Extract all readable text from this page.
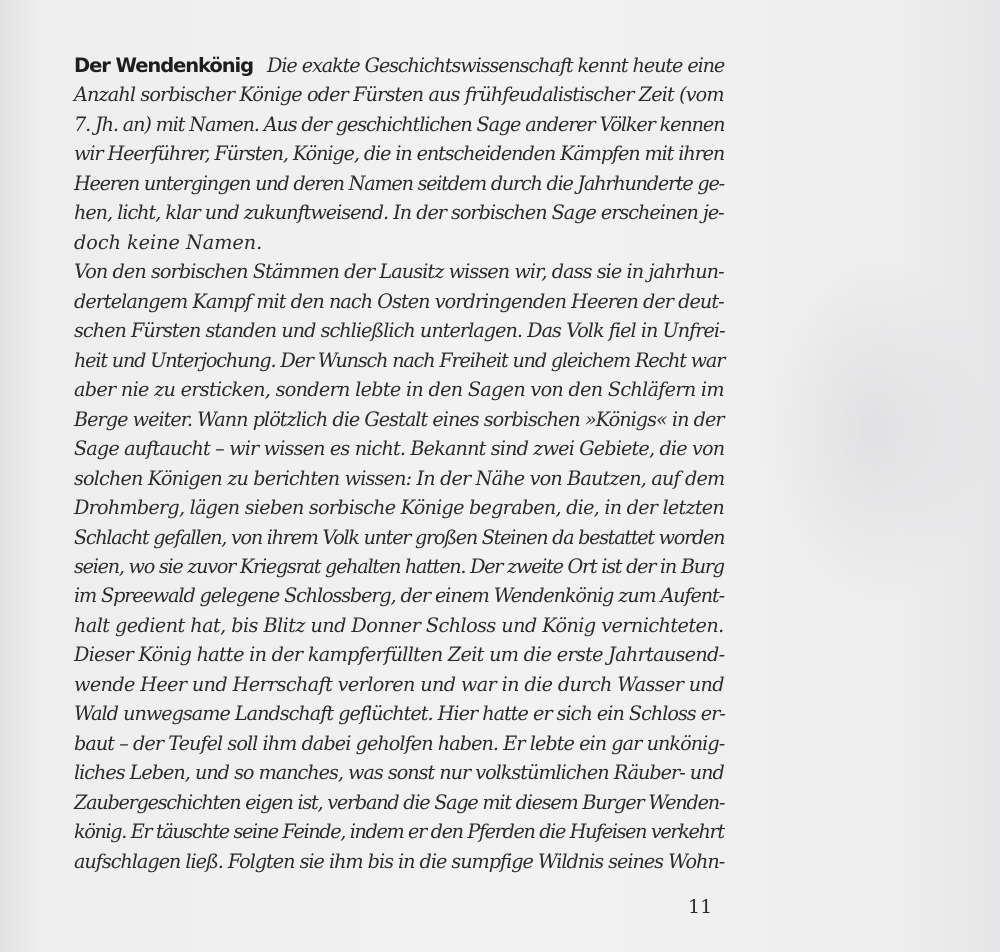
Der Wendenkönig Die exakte Geschichtswissenschaft kennt heute eine
Anzahl sorbischer Könige oder Fürsten aus frühfeudalistischer Zeit (vom
7. Jh. an) mit Namen. Aus der geschichtlichen Sage anderer Völker kennen
wir Heerführer, Fürsten, Könige, die in entscheidenden Kämpfen mit ihren
Heeren untergingen und deren Namen seitdem durch die Jahrhunderte ge-
hen, licht, klar und zukunftweisend. In der sorbischen Sage erscheinen je-
doch keine Namen.
Von den sorbischen Stämmen der Lausitz wissen wir, dass sie in jahrhun-
dertelangem Kampf mit den nach Osten vordringenden Heeren der deut-
schen Fürsten standen und schließlich unterlagen. Das Volk fiel in Unfrei-
heit und Unterjochung. Der Wunsch nach Freiheit und gleichem Recht war
aber nie zu ersticken, sondern lebte in den Sagen von den Schläfern im
Berge weiter. Wann plötzlich die Gestalt eines sorbischen »Königs« in der
Sage auftaucht – wir wissen es nicht. Bekannt sind zwei Gebiete, die von
solchen Königen zu berichten wissen: In der Nähe von Bautzen, auf dem
Drohmberg, lägen sieben sorbische Könige begraben, die, in der letzten
Schlacht gefallen, von ihrem Volk unter großen Steinen da bestattet worden
seien, wo sie zuvor Kriegsrat gehalten hatten. Der zweite Ort ist der in Burg
im Spreewald gelegene Schlossberg, der einem Wendenkönig zum Aufent-
halt gedient hat, bis Blitz und Donner Schloss und König vernichteten.
Dieser König hatte in der kampferfüllten Zeit um die erste Jahrtausend-
wende Heer und Herrschaft verloren und war in die durch Wasser und
Wald unwegsame Landschaft geflüchtet. Hier hatte er sich ein Schloss er-
baut – der Teufel soll ihm dabei geholfen haben. Er lebte ein gar unkönig-
liches Leben, und so manches, was sonst nur volkstümlichen Räuber- und
Zaubergeschichten eigen ist, verband die Sage mit diesem Burger Wenden-
könig. Er täuschte seine Feinde, indem er den Pferden die Hufeisen verkehrt
aufschlagen ließ. Folgten sie ihm bis in die sumpfige Wildnis seines Wohn-
11
